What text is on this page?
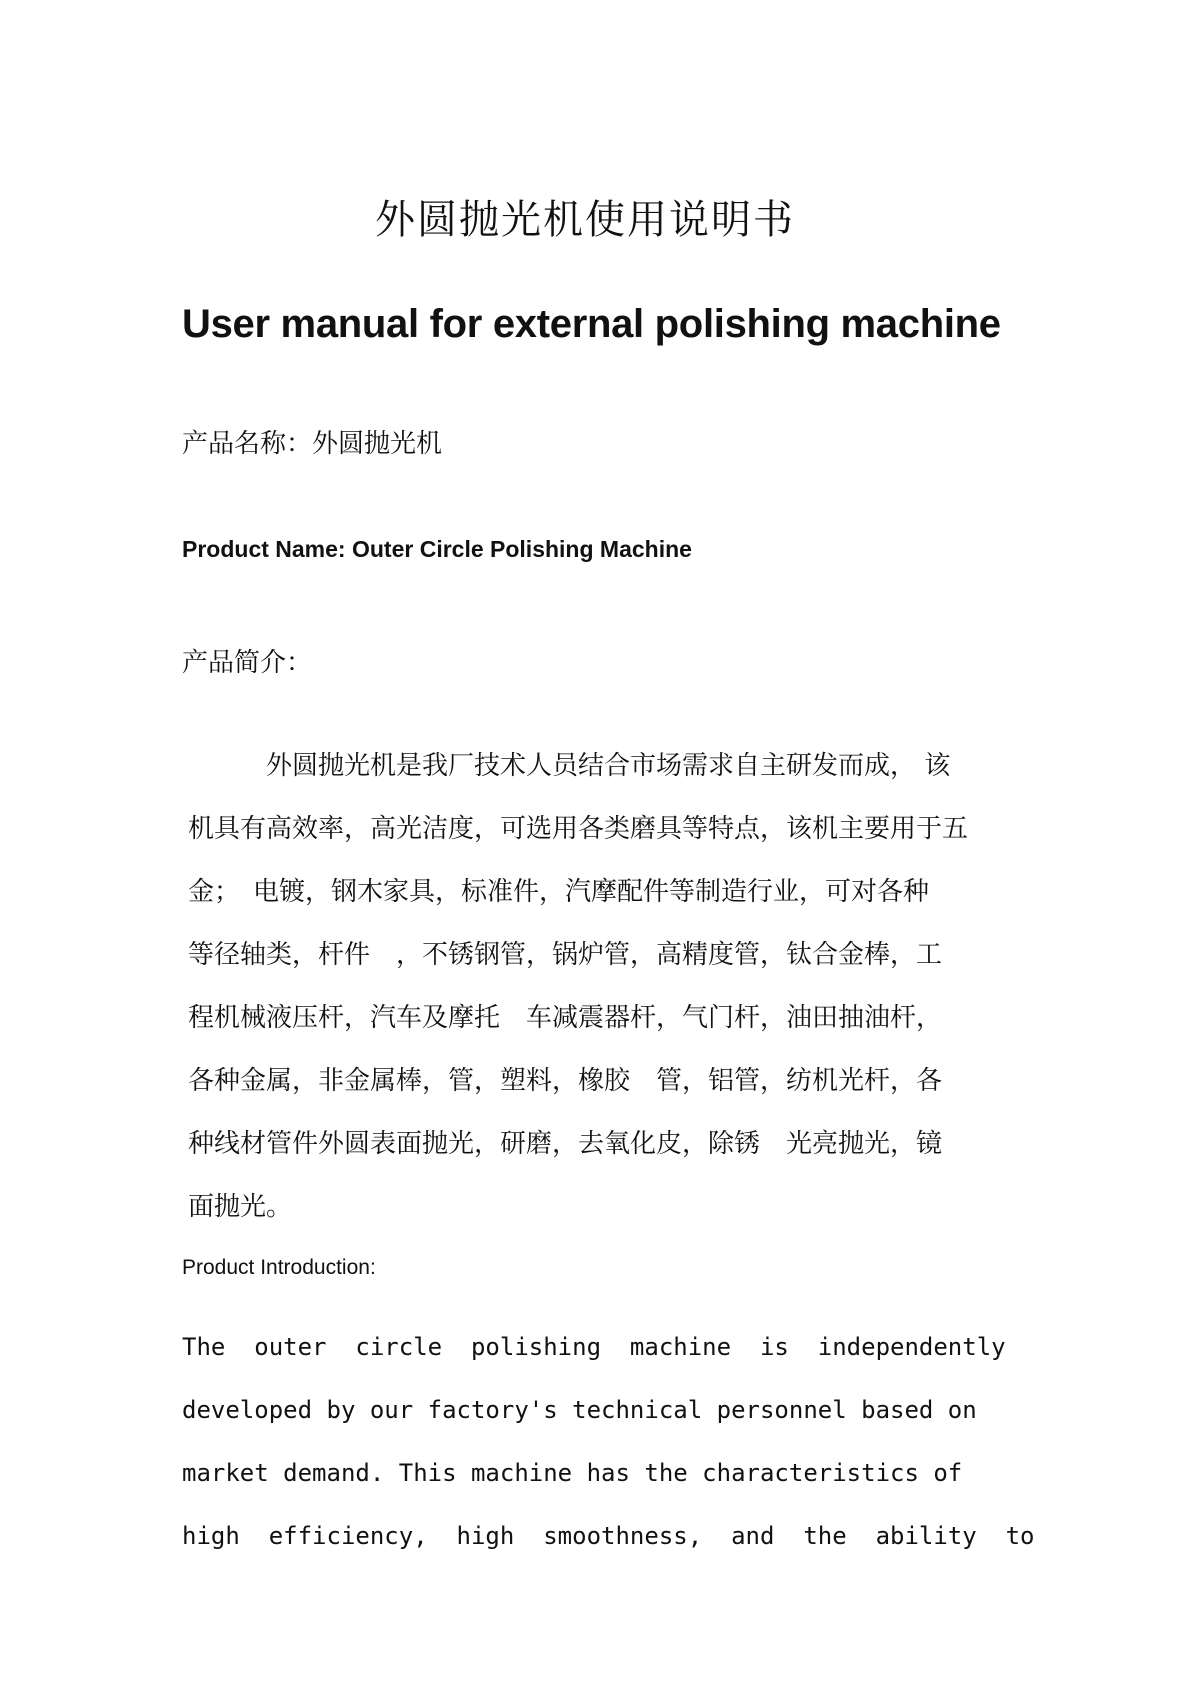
外圆抛光机使用说明书
User manual for external polishing machine

产品名称：外圆抛光机

Product Name: Outer Circle Polishing Machine

产品简介：

　　　外圆抛光机是我厂技术人员结合市场需求自主研发而成， 该
机具有高效率，高光洁度，可选用各类磨具等特点，该机主要用于五
金；　电镀，钢木家具，标准件，汽摩配件等制造行业，可对各种
等径轴类，杆件　，不锈钢管，锅炉管，高精度管，钛合金棒，工
程机械液压杆，汽车及摩托　车减震器杆，气门杆，油田抽油杆，
各种金属，非金属棒，管，塑料，橡胶　管，铝管，纺机光杆，各
种线材管件外圆表面抛光，研磨，去氧化皮，除锈　光亮抛光，镜
面抛光。

Product Introduction:

The  outer  circle  polishing  machine  is  independently
developed by our factory's technical personnel based on
market demand. This machine has the characteristics of
high  efficiency,  high  smoothness,  and  the  ability  to
